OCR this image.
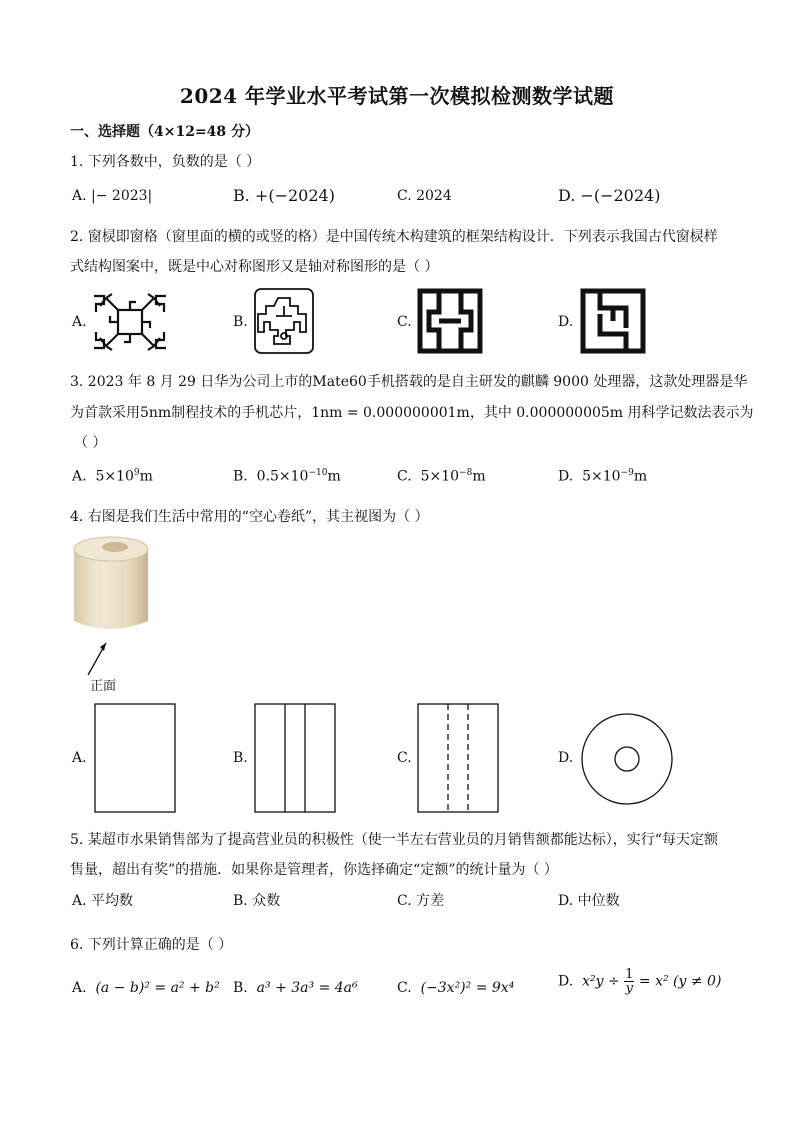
2024 年学业水平考试第一次模拟检测数学试题
一、选择题（4×12=48 分）
1. 下列各数中，负数的是（ ）
A. |− 2023|	B. +(−2024)	C. 2024	D. −(−2024)
2. 窗棂即窗格（窗里面的横的或竖的格）是中国传统木构建筑的框架结构设计．下列表示我国古代窗棂样
式结构图案中，既是中心对称图形又是轴对称图形的是（ ）
A.	B.	C.	D.
3. 2023 年 8 月 29 日华为公司上市的Mate60手机搭载的是自主研发的麒麟 9000 处理器，这款处理器是华
为首款采用5nm制程技术的手机芯片，1nm = 0.000000001m，其中 0.000000005m 用科学记数法表示为
（ ）
A. $5\times 10^9m$	B. $0.5\times 10^{-10}m$	C. $5\times 10^{-8}m$	D. $5\times 10^{-9}m$
4. 右图是我们生活中常用的“空心卷纸”，其主视图为（ ）
正面
A.	B.	C.	D.
5. 某超市水果销售部为了提高营业员的积极性（使一半左右营业员的月销售额都能达标），实行“每天定额
售量，超出有奖”的措施．如果你是管理者，你选择确定“定额”的统计量为（ ）
A. 平均数	B. 众数	C. 方差	D. 中位数
6. 下列计算正确的是（ ）
A. (a − b)² = a² + b² B. a³ + 3a³ = 4a⁶	C. (−3x²)² = 9x⁴	D. $x^2y \div \frac{1}{y} = x^2$ (y ≠ 0)
